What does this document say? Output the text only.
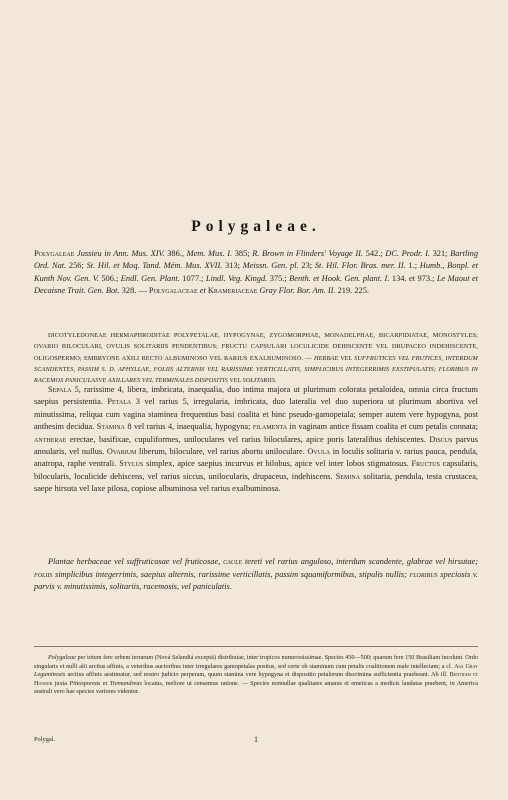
Polygaleae.
Polygaleae Jussieu in Ann. Mus. XIV. 386., Mem. Mus. I. 385; R. Brown in Flinders' Voyage II. 542.; DC. Prodr. I. 321; Bartling Ord. Nat. 256; St. Hil. et Moq. Tand. Mém. Mus. XVII. 313; Meissn. Gen. pl. 23; St. Hil. Flor. Bras. mer. II. 1.; Humb., Bonpl. et Kunth Nov. Gen. V. 506.; Endl. Gen. Plant. 1077.; Lindl. Veg. Kingd. 375.; Benth. et Hook. Gen. plant. I. 134. et 973.; Le Maout et Decaisne Trait. Gen. Bot. 328. — Polygalaceae et Krameriaceae Gray Flor. Bor. Am. II. 219. 225.
DICOTYLEDONEAE HERMAPHRODITAE POLYPETALAE, HYPOGYNAE, ZYGOMORPHAE, MONADELPHAE, BICARPIDIATAE, MONOSTYLES; OVARIO BILOCULARI, OVULIS SOLITARIIS PENDENTIBUS; FRUCTU CAPSULARI LOCULICIDE DEHISCENTE VEL DRUPACEO INDEHISCENTE, OLIGOSPERMO; EMBRYONE AXILI RECTO ALBUMINOSO VEL RARIUS EXALBUMINOSO. — HERBAE VEL SUFFRUTICES VEL FRUTICES, INTERDUM SCANDENTES, PASSIM S. D. APHYLLAE, FOLIIS ALTERNIS VEL RARISSIME VERTICILLATIS, SIMPLICIBUS INTEGERRIMIS EXSTIPULATIS; FLORIBUS IN RACEMOS PANICULASVE AXILLARES VEL TERMINALES DISPOSITIS VEL SOLITARIIS.
Sepala 5, rarissime 4, libera, imbricata, inaequalia, duo intima majora ut plurimum colorata petaloidea, omnia circa fructum saepius persistentia. Petala 3 vel rarius 5, irregularia, imbricata, duo lateralia vel duo superiora ut plurimum abortiva vel minutissima, reliqua cum vagina staminea frequentius basi coalita et hinc pseudo-gamopetala; semper autem vere hypogyna, post anthesim decidua. Stamina 8 vel rarius 4, inaequalia, hypogyna; filamenta in vaginam antice fissam coalita et cum petalis connata; antherae erectae, basifixae, cupuliformes, uniloculares vel rarius biloculares, apice poris lateralibus dehiscentes. Discus parvus annularis, vel nullus. Ovarium liberum, biloculare, vel rarius abortu uniloculare. Ovula in loculis solitaria v. rarius pauca, pendula, anatropa, raphe ventrali. Stylus simplex, apice saepius incurvus et bilobus, apice vel inter lobos stigmatosus. Fructus capsularis, bilocularis, loculicide dehiscens, vel rarius siccus, unilocularis, drupaceus, indehiscens. Semina solitaria, pendula, testa crustacea, saepe hirsuta vel laxe pilosa, copiose albuminosa vel rarius exalbuminosa.
Plantae herbaceae vel suffruticosae vel fruticosae, caule tereti vel rarius anguloso, interdum scandente, glabrae vel hirsutae; foliis simplicibus integerrimis, saepius alternis, rarissime verticillatis, passim squamiformibus, stipulis nullis; floribus speciosis v. parvis v. minutissimis, solitariis, racemosis, vel paniculatis.
Polygaleae per totum fere orbem terrarum (Nová Selandiá exceptá) distributae, inter tropicos numerosissimae. Species 450—500; quarum fere 150 Brasiliam incolunt. Ordo singularis et nulli alii arctius affinis, a veteribus auctoribus inter irregulares gamopetalas positus, sed certe ob staminum cum petalis coalitionem male intellectam; a cl. Asa Gray Leguminosis arctius affinis aestimatur, sed nostro judicio perperam, quum stamina vere hypogyna et dispositio petalorum discrimina sufficientia praebeant. Ab ill. Bentham et Hooker juxta Pittosporeas et Tremandreas locatus, meliore ut censemus ratione. — Species nonnullae qualitates amaras et emeticas a medicis laudatas praebent, in America australi vero hae species variores videntur.
Polygal.	1
